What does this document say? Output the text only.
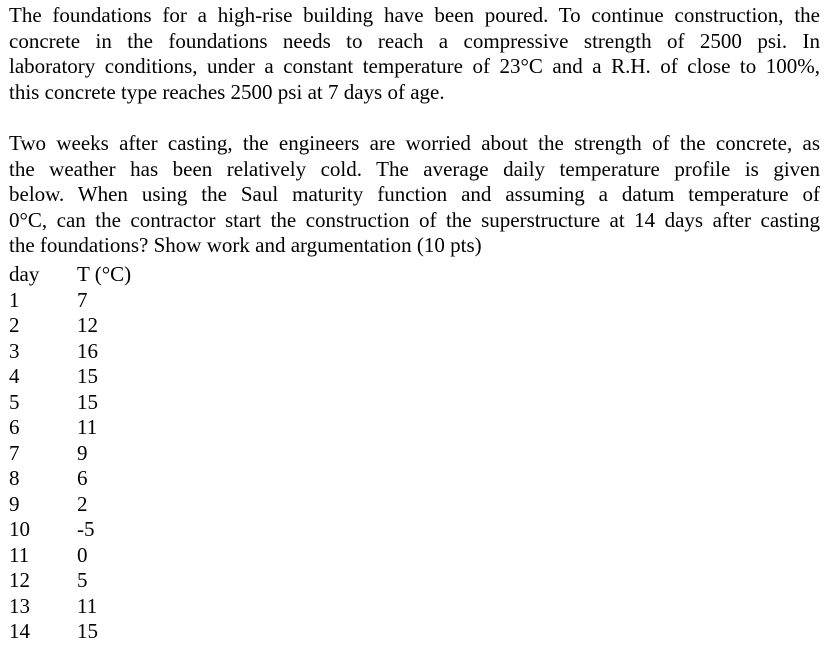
The foundations for a high-rise building have been poured. To continue construction, the
concrete in the foundations needs to reach a compressive strength of 2500 psi. In
laboratory conditions, under a constant temperature of 23°C and a R.H. of close to 100%,
this concrete type reaches 2500 psi at 7 days of age.
Two weeks after casting, the engineers are worried about the strength of the concrete, as
the weather has been relatively cold. The average daily temperature profile is given
below. When using the Saul maturity function and assuming a datum temperature of
0°C, can the contractor start the construction of the superstructure at 14 days after casting
the foundations? Show work and argumentation (10 pts)
day	T (°C)
1	7
2	12
3	16
4	15
5	15
6	11
7	9
8	6
9	2
10	-5
11	0
12	5
13	11
14	15
